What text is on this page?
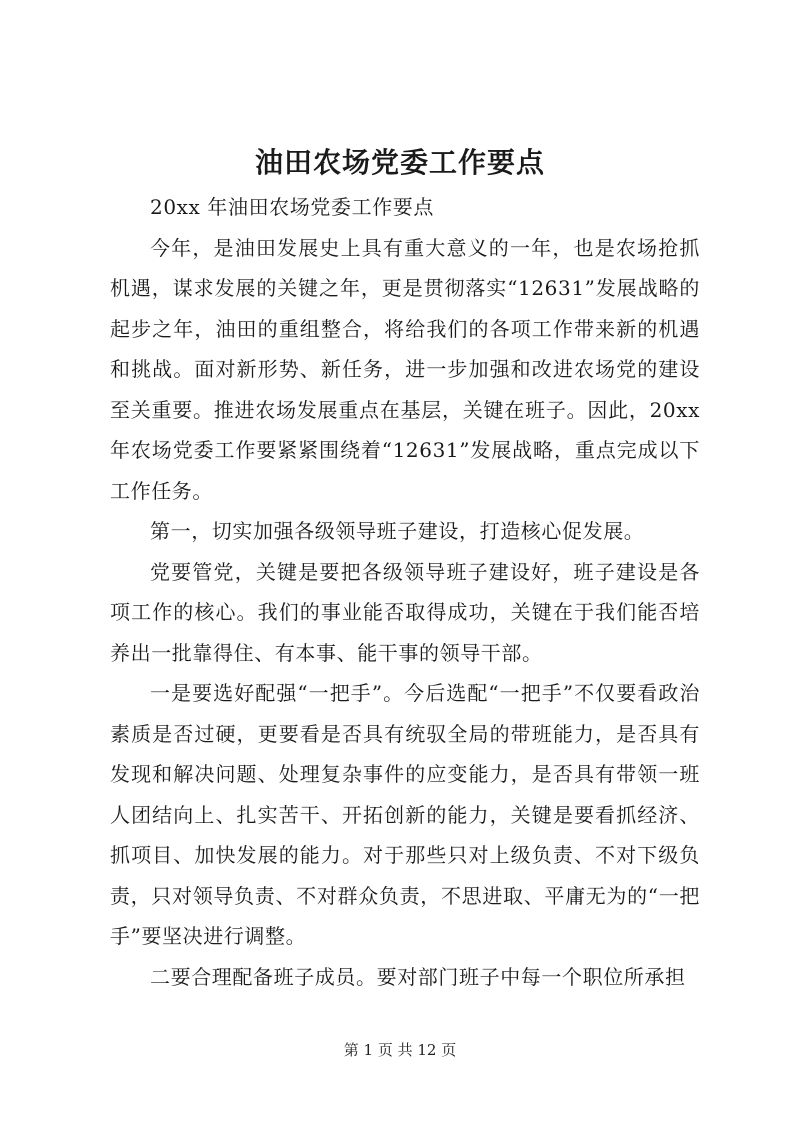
油田农场党委工作要点

20xx 年油田农场党委工作要点

今年，是油田发展史上具有重大意义的一年，也是农场抢抓机遇，谋求发展的关键之年，更是贯彻落实“12631”发展战略的起步之年，油田的重组整合，将给我们的各项工作带来新的机遇和挑战。面对新形势、新任务，进一步加强和改进农场党的建设至关重要。推进农场发展重点在基层，关键在班子。因此，20xx 年农场党委工作要紧紧围绕着“12631”发展战略，重点完成以下工作任务。

第一，切实加强各级领导班子建设，打造核心促发展。

党要管党，关键是要把各级领导班子建设好，班子建设是各项工作的核心。我们的事业能否取得成功，关键在于我们能否培养出一批靠得住、有本事、能干事的领导干部。

一是要选好配强“一把手”。今后选配“一把手”不仅要看政治素质是否过硬，更要看是否具有统驭全局的带班能力，是否具有发现和解决问题、处理复杂事件的应变能力，是否具有带领一班人团结向上、扎实苦干、开拓创新的能力，关键是要看抓经济、抓项目、加快发展的能力。对于那些只对上级负责、不对下级负责，只对领导负责、不对群众负责，不思进取、平庸无为的“一把手”要坚决进行调整。

二要合理配备班子成员。要对部门班子中每一个职位所承担

第 1 页 共 12 页
